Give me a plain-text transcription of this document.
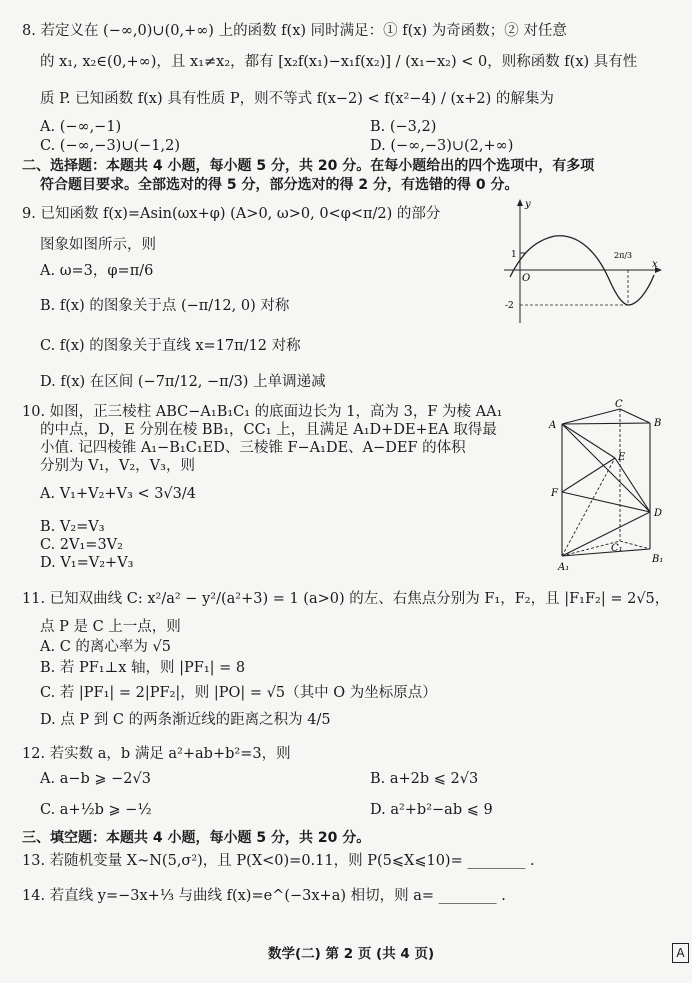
8. 若定义在 (−∞,0)∪(0,+∞) 上的函数 f(x) 同时满足：① f(x) 为奇函数；② 对任意
的 x₁, x₂∈(0,+∞)，且 x₁≠x₂，都有 [x₂f(x₁)−x₁f(x₂)] / (x₁−x₂) < 0，则称函数 f(x) 具有性
质 P. 已知函数 f(x) 具有性质 P，则不等式 f(x−2) < f(x²−4) / (x+2) 的解集为
A. (−∞,−1)	B. (−3,2)
C. (−∞,−3)∪(−1,2)	D. (−∞,−3)∪(2,+∞)
二、选择题：本题共 4 小题，每小题 5 分，共 20 分。在每小题给出的四个选项中，有多项
符合题目要求。全部选对的得 5 分，部分选对的得 2 分，有选错的得 0 分。
9. 已知函数 f(x)=Asin(ωx+φ) (A>0, ω>0, 0<φ<π/2) 的部分
图象如图所示，则
A. ω=3，φ=π/6
B. f(x) 的图象关于点 (−π/12, 0) 对称
C. f(x) 的图象关于直线 x=17π/12 对称
D. f(x) 在区间 (−7π/12, −π/3) 上单调递减
y
x
O
1
-2
2π/3
10. 如图，正三棱柱 ABC−A₁B₁C₁ 的底面边长为 1，高为 3，F 为棱 AA₁
的中点，D，E 分别在棱 BB₁，CC₁ 上，且满足 A₁D+DE+EA 取得最
小值. 记四棱锥 A₁−B₁C₁ED、三棱锥 F−A₁DE、A−DEF 的体积
分别为 V₁，V₂，V₃，则
A. V₁+V₂+V₃ < 3√3/4
B. V₂=V₃
C. 2V₁=3V₂
D. V₁=V₂+V₃
A	B
C
E
F
D
C₁
A₁
B₁
11. 已知双曲线 C: x²/a² − y²/(a²+3) = 1 (a>0) 的左、右焦点分别为 F₁，F₂，且 |F₁F₂| = 2√5，
点 P 是 C 上一点，则
A. C 的离心率为 √5
B. 若 PF₁⊥x 轴，则 |PF₁| = 8
C. 若 |PF₁| = 2|PF₂|，则 |PO| = √5（其中 O 为坐标原点）
D. 点 P 到 C 的两条渐近线的距离之积为 4/5
12. 若实数 a，b 满足 a²+ab+b²=3，则
A. a−b ⩾ −2√3	B. a+2b ⩽ 2√3
C. a+½b ⩾ −½	D. a²+b²−ab ⩽ 9
三、填空题：本题共 4 小题，每小题 5 分，共 20 分。
13. 若随机变量 X~N(5,σ²)，且 P(X<0)=0.11，则 P(5⩽X⩽10)= ________ .
14. 若直线 y=−3x+⅓ 与曲线 f(x)=e^(−3x+a) 相切，则 a= ________ .
数学(二) 第 2 页 (共 4 页)	A
